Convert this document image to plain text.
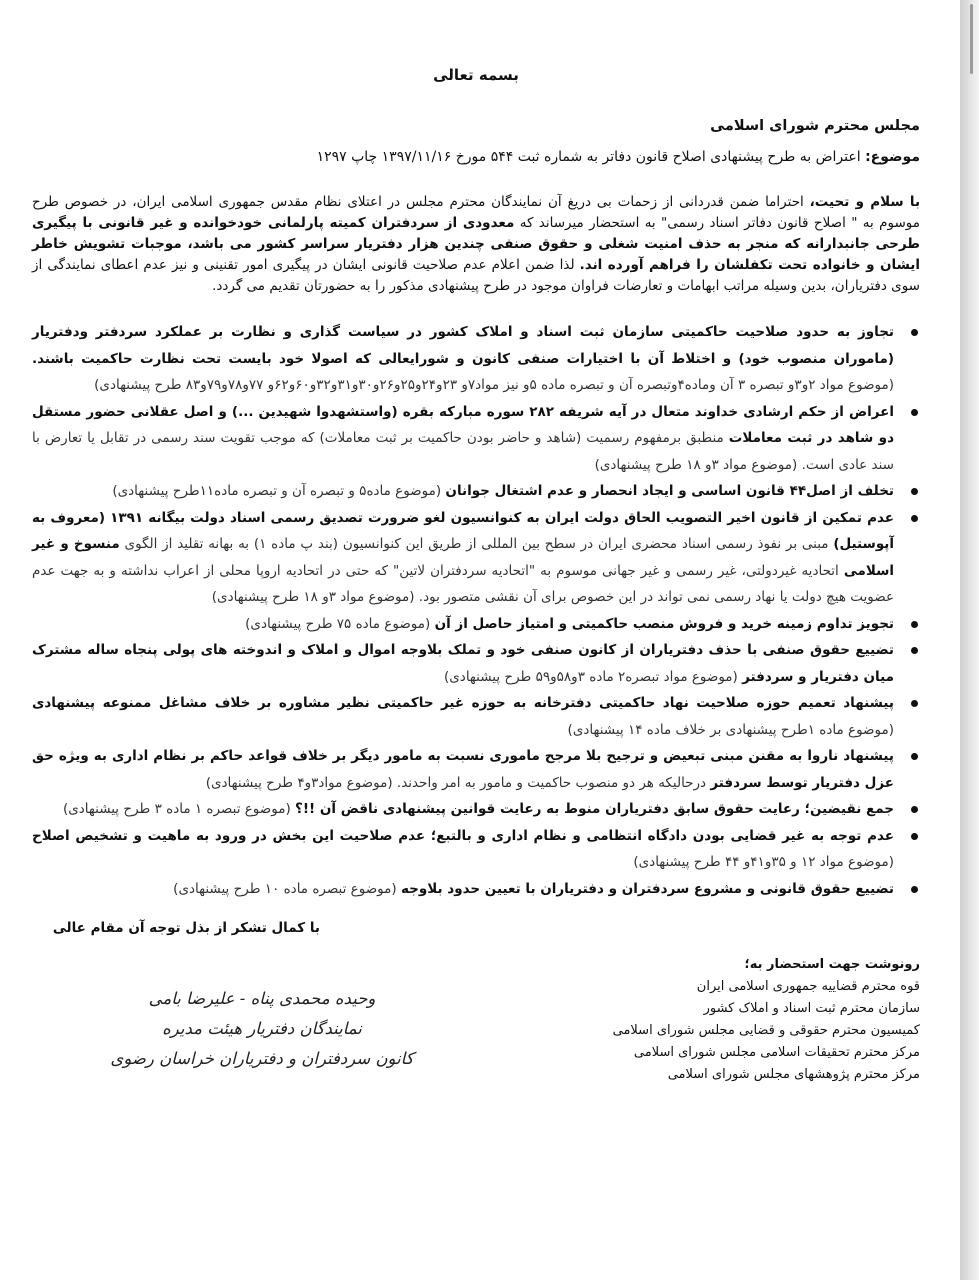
بسمه تعالی
مجلس محترم شورای اسلامی
موضوع: اعتراض به طرح پیشنهادی اصلاح قانون دفاتر به شماره ثبت ۵۴۴ مورخ ۱۳۹۷/۱۱/۱۶ چاپ ۱۲۹۷
با سلام و تحیت، احتراما ضمن قدردانی از زحمات بی دریغ آن نمایندگان محترم مجلس در اعتلای نظام مقدس جمهوری اسلامی ایران، در خصوص طرح موسوم به " اصلاح قانون دفاتر اسناد رسمی" به استحضار میرساند که معدودی از سردفتران کمیته پارلمانی خودخوانده و غیر قانونی با پیگیری طرحی جانبدارانه که منجر به حذف امنیت شغلی و حقوق صنفی چندین هزار دفتریار سراسر کشور می باشد، موجبات تشویش خاطر ایشان و خانواده تحت تکفلشان را فراهم آورده اند. لذا ضمن اعلام عدم صلاحیت قانونی ایشان در پیگیری امور تقنینی و نیز عدم اعطای نمایندگی از سوی دفتریاران، بدین وسیله مراتب ابهامات و تعارضات فراوان موجود در طرح پیشنهادی مذکور را به حضورتان تقدیم می گردد.
تجاوز به حدود صلاحیت حاکمیتی سازمان ثبت اسناد و املاک کشور در سیاست گذاری و نظارت بر عملکرد سردفتر ودفتریار (ماموران منصوب خود) و اختلاط آن با اختیارات صنفی کانون و شورایعالی که اصولا خود بایست تحت نظارت حاکمیت باشند. (موضوع مواد ۲و۳و تبصره ۳ آن وماده۴وتبصره آن و تبصره ماده ۵و نیز مواد۷و ۲۳و۲۴و۲۵و۲۶و۳۰و۳۱و۳۲و۶۰و۶۲و ۷۷و۷۸و۷۹و۸۳ طرح پیشنهادی)
اعراض از حکم ارشادی خداوند متعال در آیه شریفه ۲۸۲ سوره مبارکه بقره (واستشهدوا شهیدین ...) و اصل عقلانی حضور مستقل دو شاهد در ثبت معاملات منطبق برمفهوم رسمیت (شاهد و حاضر بودن حاکمیت بر ثبت معاملات) که موجب تقویت سند رسمی در تقابل یا تعارض با سند عادی است. (موضوع مواد ۳و ۱۸ طرح پیشنهادی)
تخلف از اصل۴۴ قانون اساسی و ایجاد انحصار و عدم اشتغال جوانان (موضوع ماده۵ و تبصره آن و تبصره ماده۱۱طرح پیشنهادی)
عدم تمکین از قانون اخیر التصویب الحاق دولت ایران به کنوانسیون لغو ضرورت تصدیق رسمی اسناد دولت بیگانه ۱۳۹۱ (معروف به آپوستیل) مبنی بر نفوذ رسمی اسناد محضری ایران در سطح بین المللی از طریق این کنوانسیون (بند پ ماده ۱) به بهانه تقلید از الگوی منسوخ و غیر اسلامی اتحادیه غیردولتی، غیر رسمی و غیر جهانی موسوم به "اتحادیه سردفتران لاتین" که حتی در اتحادیه اروپا محلی از اعراب نداشته و به جهت عدم عضویت هیچ دولت یا نهاد رسمی نمی تواند در این خصوص برای آن نقشی متصور بود. (موضوع مواد ۳و ۱۸ طرح پیشنهادی)
تجویز تداوم زمینه خرید و فروش منصب حاکمیتی و امتیاز حاصل از آن (موضوع ماده ۷۵ طرح پیشنهادی)
تضییع حقوق صنفی با حذف دفتریاران از کانون صنفی خود و تملک بلاوجه اموال و املاک و اندوخته های پولی پنجاه ساله مشترک میان دفتریار و سردفتر (موضوع مواد تبصره۲ ماده ۳و۵۸و۵۹ طرح پیشنهادی)
پیشنهاد تعمیم حوزه صلاحیت نهاد حاکمیتی دفترخانه به حوزه غیر حاکمیتی نظیر مشاوره بر خلاف مشاغل ممنوعه پیشنهادی (موضوع ماده ۱طرح پیشنهادی بر خلاف ماده ۱۴ پیشنهادی)
پیشنهاد ناروا به مقنن مبنی تبعیض و ترجیح بلا مرجح ماموری نسبت به مامور دیگر بر خلاف قواعد حاکم بر نظام اداری به ویژه حق عزل دفتریار توسط سردفتر درحالیکه هر دو منصوب حاکمیت و مامور به امر واحدند. (موضوع مواد۳و۴ طرح پیشنهادی)
جمع نقیضین؛ رعایت حقوق سابق دفتریاران منوط به رعایت قوانین پیشنهادی ناقض آن !!؟ (موضوع تبصره ۱ ماده ۳ طرح پیشنهادی)
عدم توجه به غیر قضایی بودن دادگاه انتظامی و نظام اداری و بالتبع؛ عدم صلاحیت این بخش در ورود به ماهیت و تشخیص اصلاح (موضوع مواد ۱۲ و ۳۵و۴۱و ۴۴ طرح پیشنهادی)
تضییع حقوق قانونی و مشروع سردفتران و دفتریاران با تعیین حدود بلاوجه (موضوع تبصره ماده ۱۰ طرح پیشنهادی)
با کمال تشکر از بذل توجه آن مقام عالی
رونوشت جهت استحضار به؛
قوه محترم قضاییه جمهوری اسلامی ایران
سازمان محترم ثبت اسناد و املاک کشور
کمیسیون محترم حقوقی و قضایی مجلس شورای اسلامی
مرکز محترم تحقیقات اسلامی مجلس شورای اسلامی
مرکز محترم پژوهشهای مجلس شورای اسلامی
وحیده محمدی پناه - علیرضا بامی
نمایندگان دفتریار هیئت مدیره
کانون سردفتران و دفتریاران خراسان رضوی
